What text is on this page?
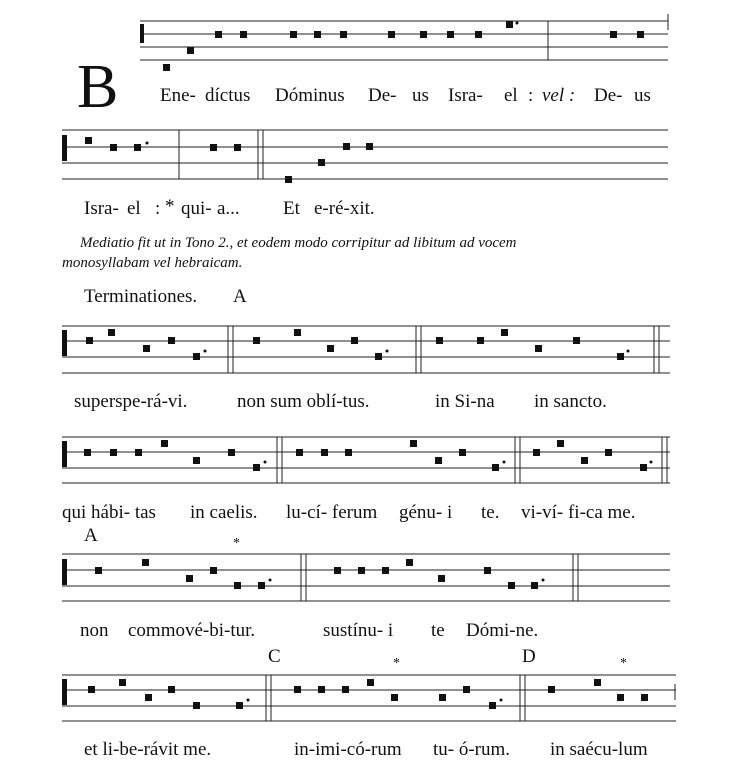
B Ene- díctus Dóminus De- us Isra- el : vel : De- us
Isra- el : * qui- a... Et e-ré-xit.
Mediatio fit ut in Tono 2., et eodem modo corripitur ad libitum ad vocem
monosyllabam vel hebraicam.
Terminationes. A
superspe-rá-vi.	non sum oblí-tus.	in Si-na in sancto.
qui hábi- tas in caelis. lu-cí- ferum génu- i te. vi-ví- fi-ca me.
A	*
non commové-bi-tur.	sustínu- i te Dómi-ne.
C	*	D	*
et li-be-rávit me.	in-imi-có-rum tu- ó-rum. in saécu-lum
